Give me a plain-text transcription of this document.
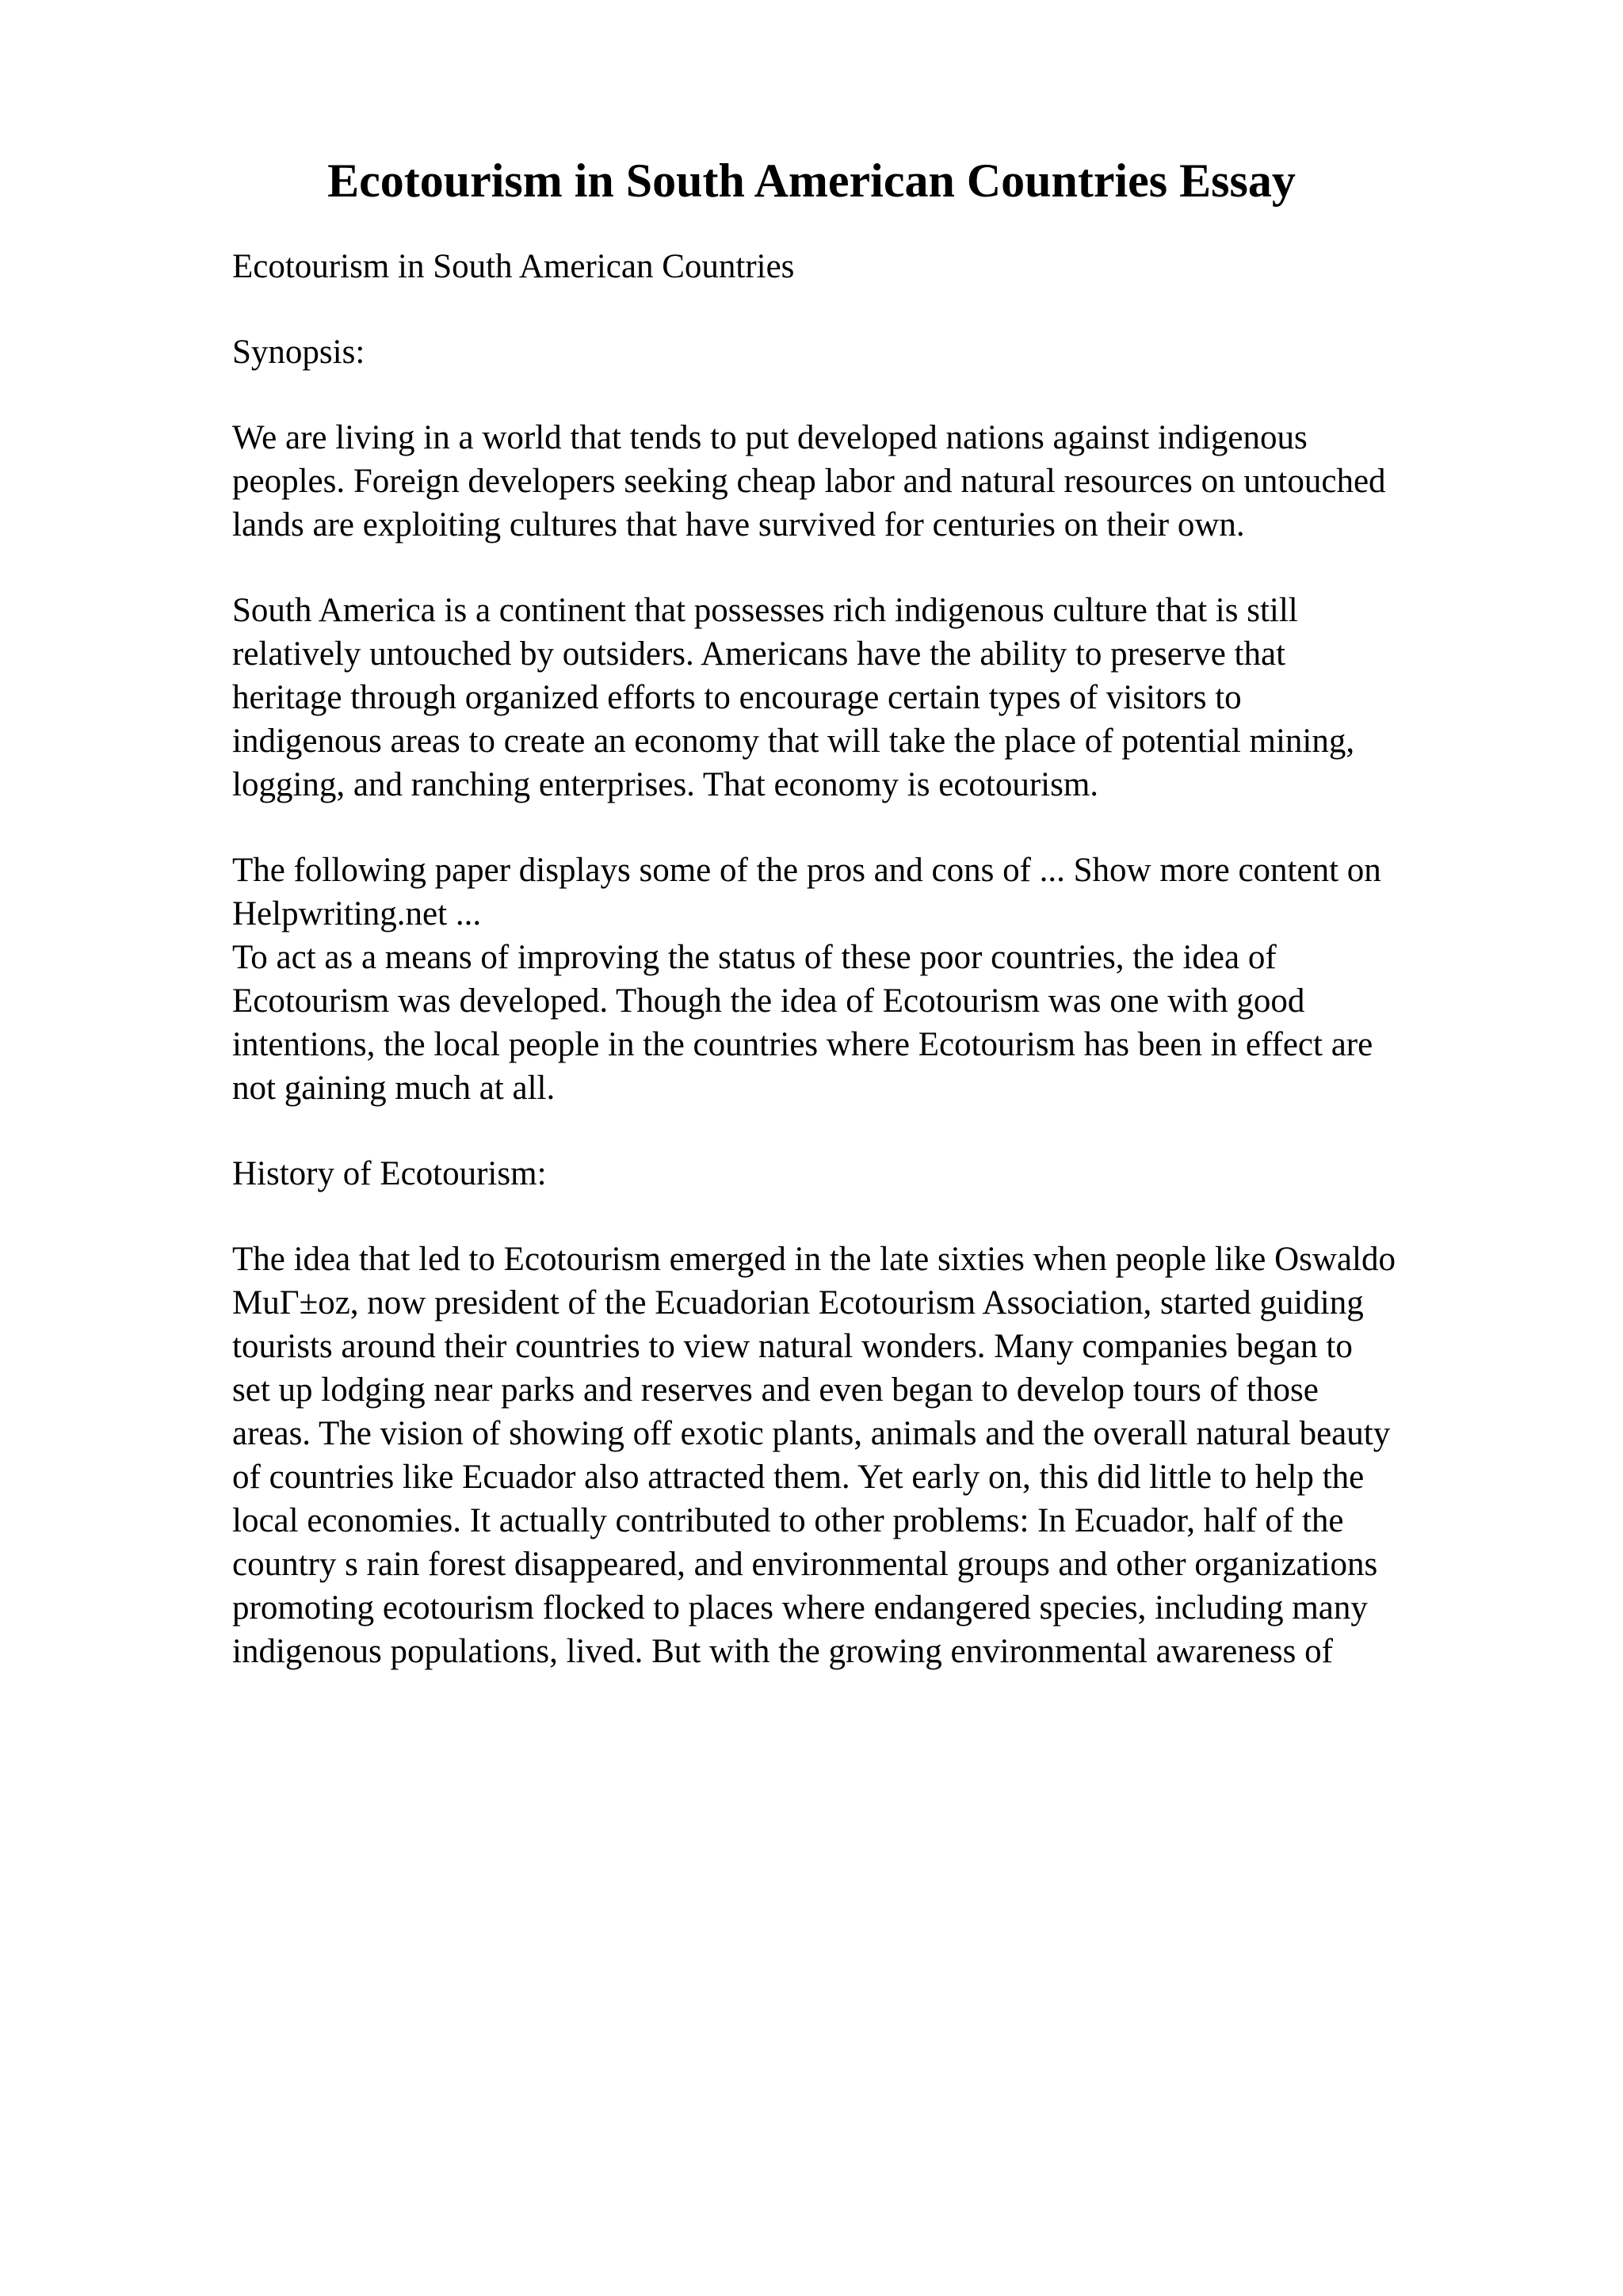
Ecotourism in South American Countries Essay

Ecotourism in South American Countries

Synopsis:

We are living in a world that tends to put developed nations against indigenous
peoples. Foreign developers seeking cheap labor and natural resources on untouched
lands are exploiting cultures that have survived for centuries on their own.

South America is a continent that possesses rich indigenous culture that is still
relatively untouched by outsiders. Americans have the ability to preserve that
heritage through organized efforts to encourage certain types of visitors to
indigenous areas to create an economy that will take the place of potential mining,
logging, and ranching enterprises. That economy is ecotourism.

The following paper displays some of the pros and cons of ... Show more content on
Helpwriting.net ...

To act as a means of improving the status of these poor countries, the idea of
Ecotourism was developed. Though the idea of Ecotourism was one with good
intentions, the local people in the countries where Ecotourism has been in effect are
not gaining much at all.

History of Ecotourism:

The idea that led to Ecotourism emerged in the late sixties when people like Oswaldo
MuΓ±oz, now president of the Ecuadorian Ecotourism Association, started guiding
tourists around their countries to view natural wonders. Many companies began to
set up lodging near parks and reserves and even began to develop tours of those
areas. The vision of showing off exotic plants, animals and the overall natural beauty
of countries like Ecuador also attracted them. Yet early on, this did little to help the
local economies. It actually contributed to other problems: In Ecuador, half of the
country s rain forest disappeared, and environmental groups and other organizations
promoting ecotourism flocked to places where endangered species, including many
indigenous populations, lived. But with the growing environmental awareness of
